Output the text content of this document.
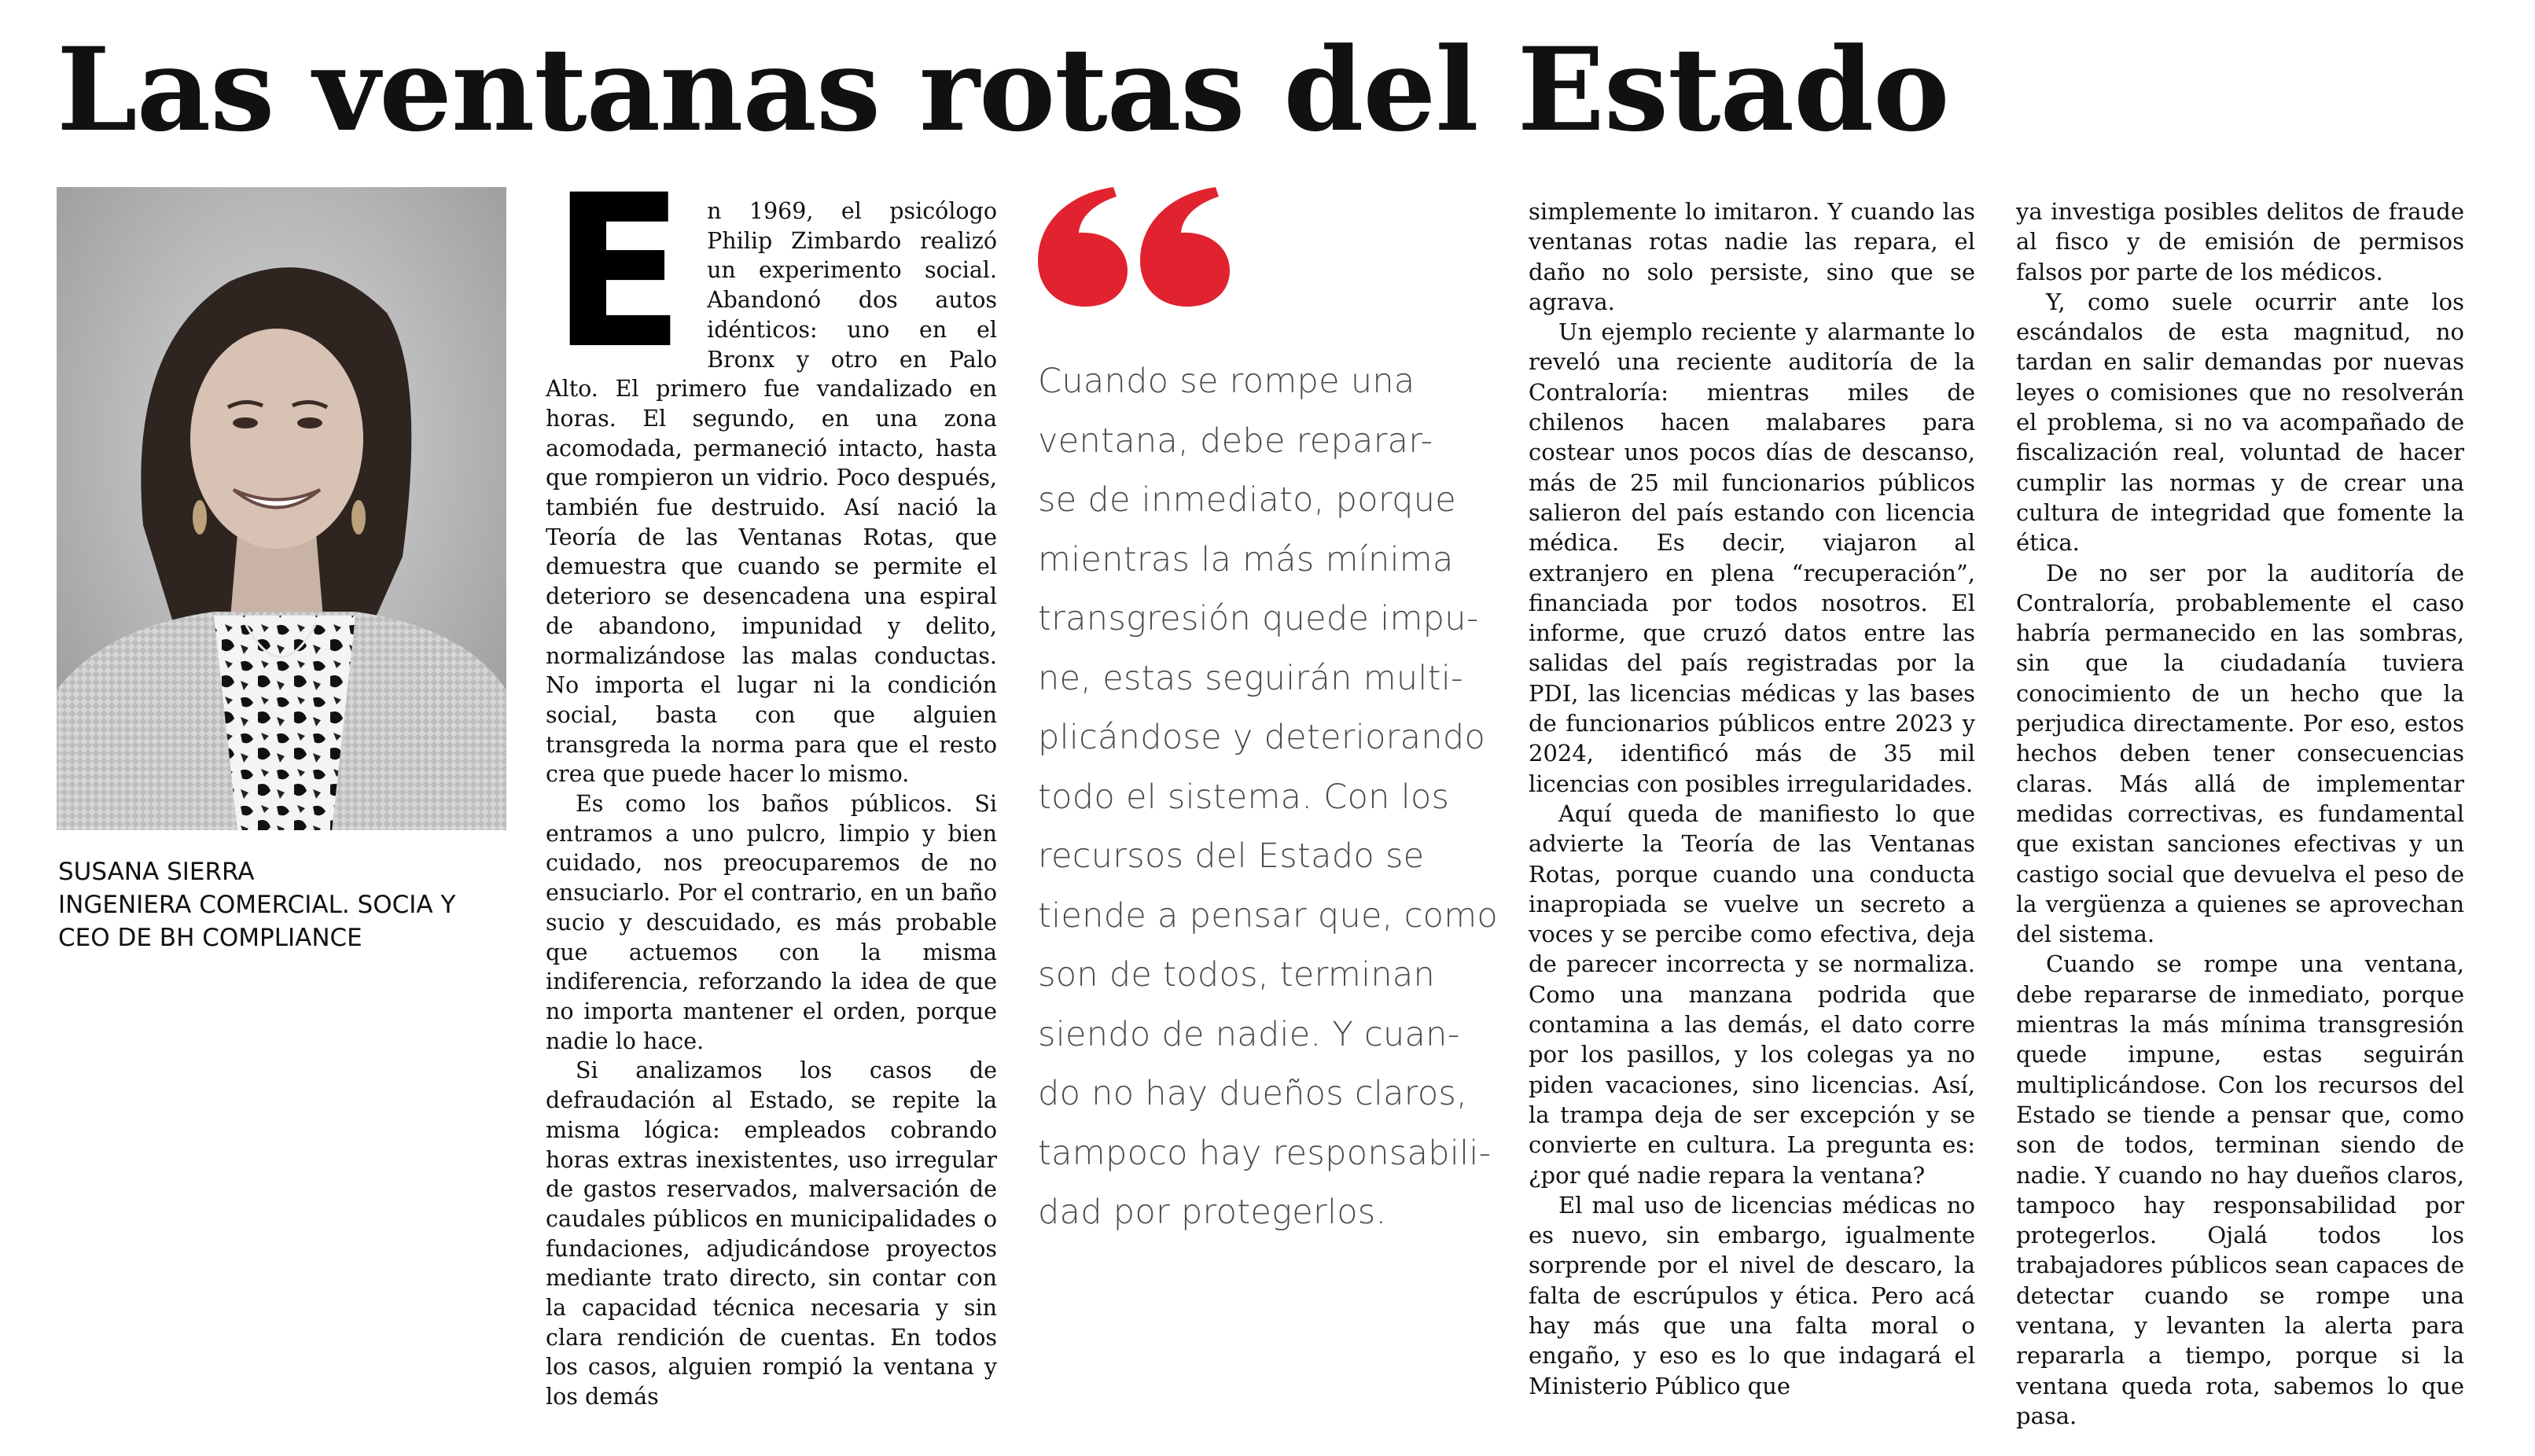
Las ventanas rotas del Estado
SUSANA SIERRA
INGENIERA COMERCIAL. SOCIA Y
CEO DE BH COMPLIANCE

E n 1969, el psicólogo Philip Zimbardo realizó un experimento social. Abandonó dos autos idénticos: uno en el Bronx y otro en Palo Alto. El primero fue vandalizado en horas. El segundo, en una zona acomodada, permaneció intacto, hasta que rompieron un vidrio. Poco después, también fue destruido. Así nació la Teoría de las Ventanas Rotas, que demuestra que cuando se permite el deterioro se desencadena una espiral de abandono, impunidad y delito, normalizándose las malas conductas. No importa el lugar ni la condición social, basta con que alguien transgreda la norma para que el resto crea que puede hacer lo mismo.

Es como los baños públicos. Si entramos a uno pulcro, limpio y bien cuidado, nos preocuparemos de no ensuciarlo. Por el contrario, en un baño sucio y descuidado, es más probable que actuemos con la misma indiferencia, reforzando la idea de que no importa mantener el orden, porque nadie lo hace.

Si analizamos los casos de defraudación al Estado, se repite la misma lógica: empleados cobrando horas extras inexistentes, uso irregular de gastos reservados, malversación de caudales públicos en municipalidades o fundaciones, adjudicándose proyectos mediante trato directo, sin contar con la capacidad técnica necesaria y sin clara rendición de cuentas. En todos los casos, alguien rompió la ventana y los demás

Cuando se rompe una
ventana, debe reparar-
se de inmediato, porque
mientras la más mínima
transgresión quede impu-
ne, estas seguirán multi-
plicándose y deteriorando
todo el sistema. Con los
recursos del Estado se
tiende a pensar que, como
son de todos, terminan
siendo de nadie. Y cuan-
do no hay dueños claros,
tampoco hay responsabili-
dad por protegerlos.

simplemente lo imitaron. Y cuando las ventanas rotas nadie las repara, el daño no solo persiste, sino que se agrava.

Un ejemplo reciente y alarmante lo reveló una reciente auditoría de la Contraloría: mientras miles de chilenos hacen malabares para costear unos pocos días de descanso, más de 25 mil funcionarios públicos salieron del país estando con licencia médica. Es decir, viajaron al extranjero en plena “recuperación”, financiada por todos nosotros. El informe, que cruzó datos entre las salidas del país registradas por la PDI, las licencias médicas y las bases de funcionarios públicos entre 2023 y 2024, identificó más de 35 mil licencias con posibles irregularidades.

Aquí queda de manifiesto lo que advierte la Teoría de las Ventanas Rotas, porque cuando una conducta inapropiada se vuelve un secreto a voces y se percibe como efectiva, deja de parecer incorrecta y se normaliza. Como una manzana podrida que contamina a las demás, el dato corre por los pasillos, y los colegas ya no piden vacaciones, sino licencias. Así, la trampa deja de ser excepción y se convierte en cultura. La pregunta es: ¿por qué nadie repara la ventana?

El mal uso de licencias médicas no es nuevo, sin embargo, igualmente sorprende por el nivel de descaro, la falta de escrúpulos y ética. Pero acá hay más que una falta moral o engaño, y eso es lo que indagará el Ministerio Público que

ya investiga posibles delitos de fraude al fisco y de emisión de permisos falsos por parte de los médicos.

Y, como suele ocurrir ante los escándalos de esta magnitud, no tardan en salir demandas por nuevas leyes o comisiones que no resolverán el problema, si no va acompañado de fiscalización real, voluntad de hacer cumplir las normas y de crear una cultura de integridad que fomente la ética.

De no ser por la auditoría de Contraloría, probablemente el caso habría permanecido en las sombras, sin que la ciudadanía tuviera conocimiento de un hecho que la perjudica directamente. Por eso, estos hechos deben tener consecuencias claras. Más allá de implementar medidas correctivas, es fundamental que existan sanciones efectivas y un castigo social que devuelva el peso de la vergüenza a quienes se aprovechan del sistema.

Cuando se rompe una ventana, debe repararse de inmediato, porque mientras la más mínima transgresión quede impune, estas seguirán multiplicándose. Con los recursos del Estado se tiende a pensar que, como son de todos, terminan siendo de nadie. Y cuando no hay dueños claros, tampoco hay responsabilidad por protegerlos. Ojalá todos los trabajadores públicos sean capaces de detectar cuando se rompe una ventana, y levanten la alerta para repararla a tiempo, porque si la ventana queda rota, sabemos lo que pasa.
